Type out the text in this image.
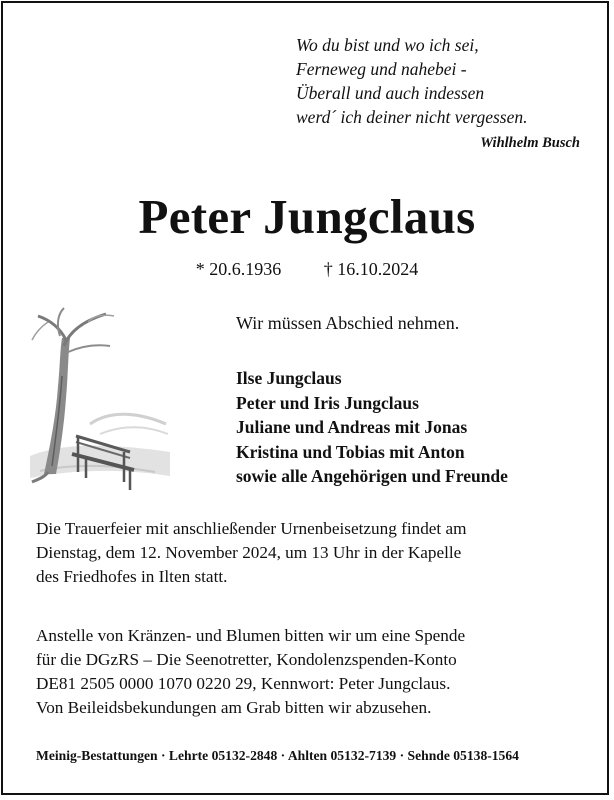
Wo du bist und wo ich sei,
Ferneweg und nahebei -
Überall und auch indessen
werd´ ich deiner nicht vergessen.
Wihlhelm Busch
Peter Jungclaus
* 20.6.1936 † 16.10.2024
Wir müssen Abschied nehmen.
Ilse Jungclaus
Peter und Iris Jungclaus
Juliane und Andreas mit Jonas
Kristina und Tobias mit Anton
sowie alle Angehörigen und Freunde
Die Trauerfeier mit anschließender Urnenbeisetzung findet am
Dienstag, dem 12. November 2024, um 13 Uhr in der Kapelle
des Friedhofes in Ilten statt.
Anstelle von Kränzen- und Blumen bitten wir um eine Spende
für die DGzRS – Die Seenotretter, Kondolenzspenden-Konto
DE81 2505 0000 1070 0220 29, Kennwort: Peter Jungclaus.
Von Beileidsbekundungen am Grab bitten wir abzusehen.
Meinig-Bestattungen · Lehrte 05132-2848 · Ahlten 05132-7139 · Sehnde 05138-1564
